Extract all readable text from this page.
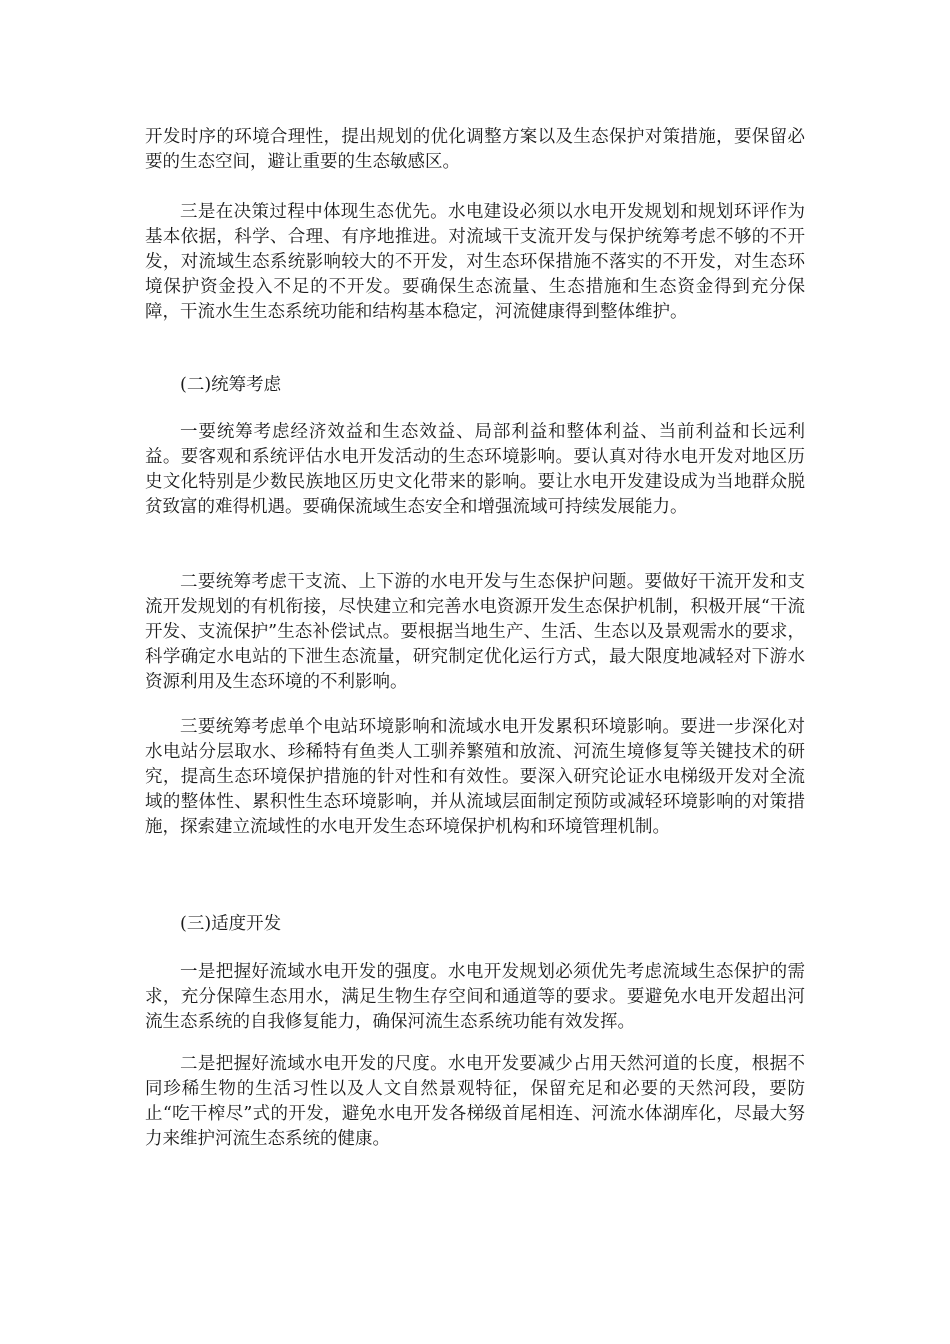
开发时序的环境合理性，提出规划的优化调整方案以及生态保护对策措施，要保留必要的生态空间，避让重要的生态敏感区。

三是在决策过程中体现生态优先。水电建设必须以水电开发规划和规划环评作为基本依据，科学、合理、有序地推进。对流域干支流开发与保护统筹考虑不够的不开发，对流域生态系统影响较大的不开发，对生态环保措施不落实的不开发，对生态环境保护资金投入不足的不开发。要确保生态流量、生态措施和生态资金得到充分保障，干流水生生态系统功能和结构基本稳定，河流健康得到整体维护。

(二)统筹考虑

一要统筹考虑经济效益和生态效益、局部利益和整体利益、当前利益和长远利益。要客观和系统评估水电开发活动的生态环境影响。要认真对待水电开发对地区历史文化特别是少数民族地区历史文化带来的影响。要让水电开发建设成为当地群众脱贫致富的难得机遇。要确保流域生态安全和增强流域可持续发展能力。

二要统筹考虑干支流、上下游的水电开发与生态保护问题。要做好干流开发和支流开发规划的有机衔接，尽快建立和完善水电资源开发生态保护机制，积极开展“干流开发、支流保护”生态补偿试点。要根据当地生产、生活、生态以及景观需水的要求，科学确定水电站的下泄生态流量，研究制定优化运行方式，最大限度地减轻对下游水资源利用及生态环境的不利影响。

三要统筹考虑单个电站环境影响和流域水电开发累积环境影响。要进一步深化对水电站分层取水、珍稀特有鱼类人工驯养繁殖和放流、河流生境修复等关键技术的研究，提高生态环境保护措施的针对性和有效性。要深入研究论证水电梯级开发对全流域的整体性、累积性生态环境影响，并从流域层面制定预防或减轻环境影响的对策措施，探索建立流域性的水电开发生态环境保护机构和环境管理机制。

(三)适度开发

一是把握好流域水电开发的强度。水电开发规划必须优先考虑流域生态保护的需求，充分保障生态用水，满足生物生存空间和通道等的要求。要避免水电开发超出河流生态系统的自我修复能力，确保河流生态系统功能有效发挥。

二是把握好流域水电开发的尺度。水电开发要减少占用天然河道的长度，根据不同珍稀生物的生活习性以及人文自然景观特征，保留充足和必要的天然河段，要防止“吃干榨尽”式的开发，避免水电开发各梯级首尾相连、河流水体湖库化，尽最大努力来维护河流生态系统的健康。
